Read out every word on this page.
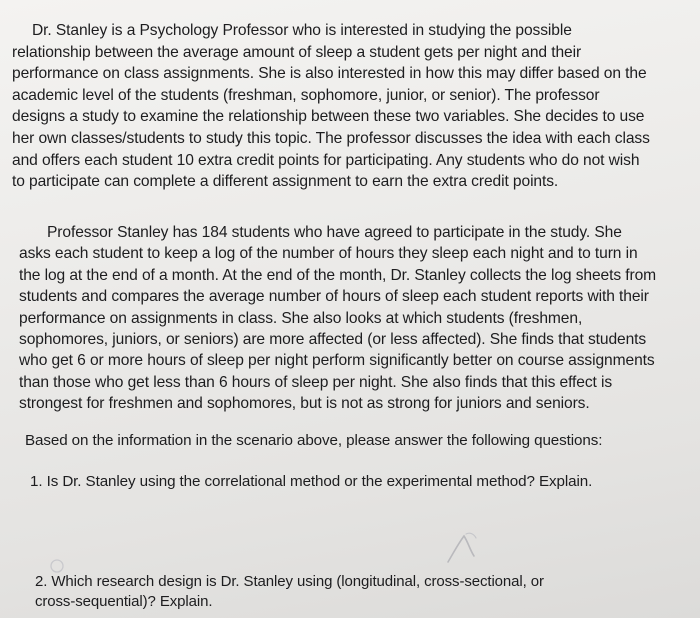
Dr. Stanley is a Psychology Professor who is interested in studying the possible
relationship between the average amount of sleep a student gets per night and their
performance on class assignments. She is also interested in how this may differ based on the
academic level of the students (freshman, sophomore, junior, or senior). The professor
designs a study to examine the relationship between these two variables. She decides to use
her own classes/students to study this topic. The professor discusses the idea with each class
and offers each student 10 extra credit points for participating. Any students who do not wish
to participate can complete a different assignment to earn the extra credit points.

Professor Stanley has 184 students who have agreed to participate in the study. She
asks each student to keep a log of the number of hours they sleep each night and to turn in
the log at the end of a month. At the end of the month, Dr. Stanley collects the log sheets from
students and compares the average number of hours of sleep each student reports with their
performance on assignments in class. She also looks at which students (freshmen,
sophomores, juniors, or seniors) are more affected (or less affected). She finds that students
who get 6 or more hours of sleep per night perform significantly better on course assignments
than those who get less than 6 hours of sleep per night. She also finds that this effect is
strongest for freshmen and sophomores, but is not as strong for juniors and seniors.

Based on the information in the scenario above, please answer the following questions:

1. Is Dr. Stanley using the correlational method or the experimental method? Explain.

2. Which research design is Dr. Stanley using (longitudinal, cross-sectional, or
cross-sequential)? Explain.
